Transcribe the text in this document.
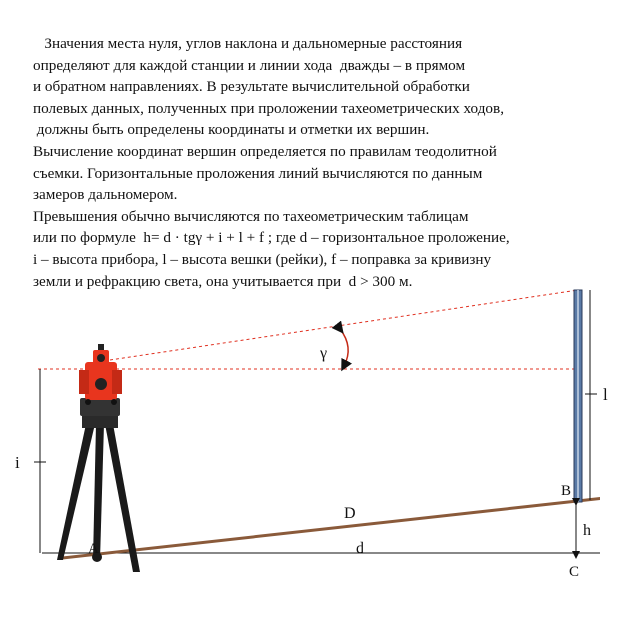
Значения места нуля, углов наклона и дальномерные расстояния
определяют для каждой станции и линии хода  дважды – в прямом
и обратном направлениях. В результате вычислительной обработки
полевых данных, полученных при проложении тахеометрических ходов,
должны быть определены координаты и отметки их вершин.
Вычисление координат вершин определяется по правилам теодолитной
съемки. Горизонтальные проложения линий вычисляются по данным
замеров дальномером.
Превышения обычно вычисляются по тахеометрическим таблицам
или по формуле  h= d · tgγ + i + l + f ; где d – горизонтальное проложение,
i – высота прибора, l – высота вешки (рейки), f – поправка за кривизну
земли и рефракцию света, она учитывается при  d > 300 м.
i
γ
l
h
D
d
A
B
C
